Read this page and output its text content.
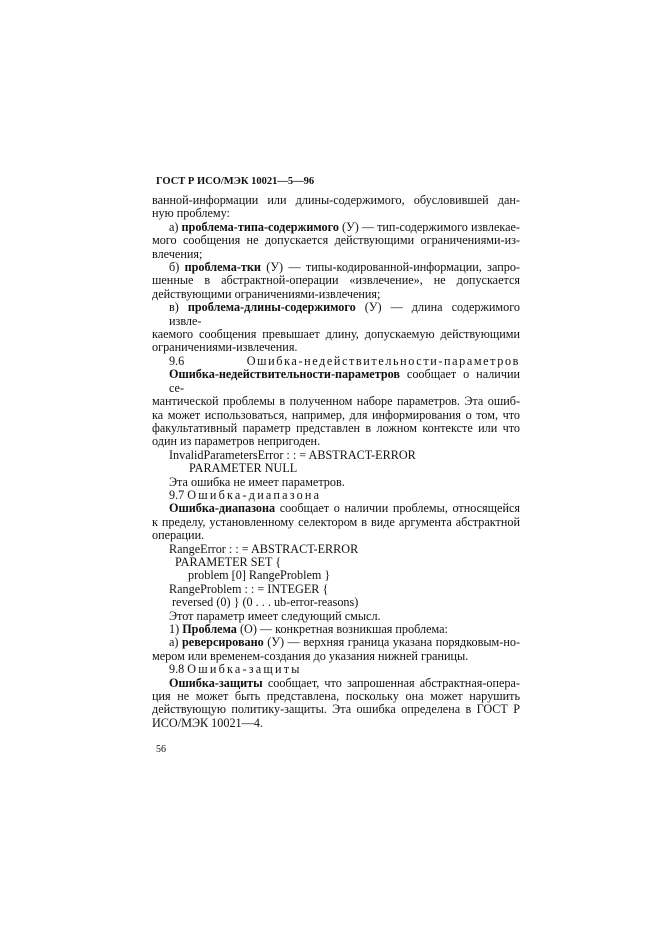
ГОСТ Р ИСО/МЭК 10021—5—96
ванной-информации или длины-содержимого, обусловившей дан-
ную проблему:
а) проблема-типа-содержимого (У) — тип-содержимого извлекае-
мого сообщения не допускается действующими ограничениями-из-
влечения;
б) проблема-тки (У) — типы-кодированной-информации, запро-
шенные в абстрактной-операции «извлечение», не допускается
действующими ограничениями-извлечения;
в) проблема-длины-содержимого (У) — длина содержимого извле-
каемого сообщения превышает длину, допускаемую действующими
ограничениями-извлечения.
9.6 Ошибка-недействительности-параметров
Ошибка-недействительности-параметров сообщает о наличии се-
мантической проблемы в полученном наборе параметров. Эта ошиб-
ка может использоваться, например, для информирования о том, что
факультативный параметр представлен в ложном контексте или что
один из параметров непригоден.
InvalidParametersError : : = ABSTRACT-ERROR
PARAMETER NULL
Эта ошибка не имеет параметров.
9.7 Ошибка-диапазона
Ошибка-диапазона сообщает о наличии проблемы, относящейся
к пределу, установленному селектором в виде аргумента абстрактной
операции.
RangeError : : = ABSTRACT-ERROR
PARAMETER SET {
problem [0] RangeProblem }
RangeProblem : : = INTEGER {
reversed (0) } (0 . . . ub-error-reasons)
Этот параметр имеет следующий смысл.
1) Проблема (О) — конкретная возникшая проблема:
а) реверсировано (У) — верхняя граница указана порядковым-но-
мером или временем-создания до указания нижней границы.
9.8 Ошибка-защиты
Ошибка-защиты сообщает, что запрошенная абстрактная-опера-
ция не может быть представлена, поскольку она может нарушить
действующую политику-защиты. Эта ошибка определена в ГОСТ Р
ИСО/МЭК 10021—4.
56
